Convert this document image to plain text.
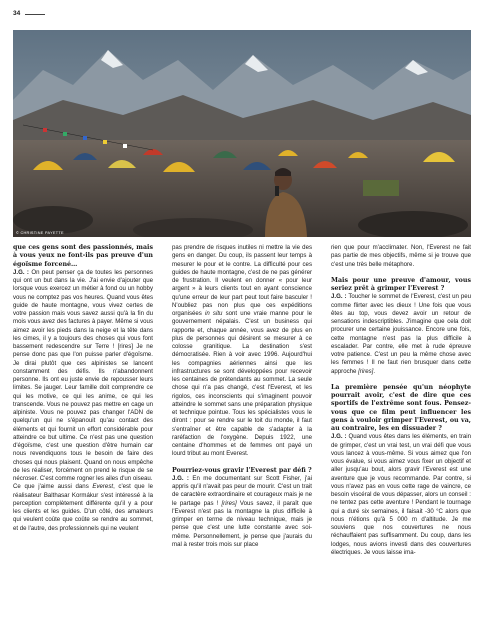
34
© CHRISTINE PAYETTE

que ces gens sont des passionnés, mais à vous yeux ne font-ils pas preuve d'un égoïsme forcené…

J.G. : On peut penser ça de toutes les personnes qui ont un but dans la vie. J'ai envie d'ajouter que lorsque vous exercez un métier à fond ou un hobby vous ne comptez pas vos heures. Quand vous êtes guide de haute montagne, vous vivez certes de votre passion mais vous savez aussi qu'à la fin du mois vous avez des factures à payer. Même si vous aimez avoir les pieds dans la neige et la tête dans les cimes, il y a toujours des choses qui vous font bassement redescendre sur Terre ! [rires] Je ne pense donc pas que l'on puisse parler d'égoïsme. Je dirai plutôt que ces alpinistes se lancent constamment des défis. Ils n'abandonnent personne. Ils ont eu juste envie de repousser leurs limites. Se jauger. Leur famille doit comprendre ce qui les motive, ce qui les anime, ce qui les transcende. Vous ne pouvez pas mettre en cage un alpiniste. Vous ne pouvez pas changer l'ADN de quelqu'un qui ne s'épanouit qu'au contact des éléments et qui fournit un effort considérable pour atteindre ce but ultime. Ce n'est pas une question d'égoïsme, c'est une question d'être humain car nous revendiquons tous le besoin de faire des choses qui nous plaisent. Quand on nous empêche de les réaliser, forcément on prend le risque de se nécroser. C'est comme rogner les ailes d'un oiseau.

Ce que j'aime aussi dans Everest, c'est que le réalisateur Balthasar Kormákur s'est intéressé à la perception complètement différente qu'il y a pour les clients et les guides. D'un côté, des amateurs qui veulent coûte que coûte se rendre au sommet, et de l'autre, des professionnels qui ne veulent

pas prendre de risques inutiles ni mettre la vie des gens en danger. Du coup, ils passent leur temps à mesurer le pour et le contre. La difficulté pour ces guides de haute montagne, c'est de ne pas générer de frustration. Il veulent en donner « pour leur argent » à leurs clients tout en ayant conscience qu'une erreur de leur part peut tout faire basculer ! N'oubliez pas non plus que ces expéditions organisées in situ sont une vraie manne pour le gouvernement népalais. C'est un business qui rapporte et, chaque année, vous avez de plus en plus de personnes qui désirent se mesurer à ce colosse granitique. La destination s'est démocratisée. Rien à voir avec 1996. Aujourd'hui les compagnies aériennes ainsi que les infrastructures se sont développées pour recevoir les centaines de prétendants au sommet. La seule chose qui n'a pas changé, c'est l'Everest, et les rigolos, ces inconscients qui s'imaginent pouvoir atteindre le sommet sans une préparation physique et technique pointue. Tous les spécialistes vous le diront : pour se rendre sur le toit du monde, il faut s'entraîner et être capable de s'adapter à la raréfaction de l'oxygène. Depuis 1922, une centaine d'hommes et de femmes ont payé un lourd tribut au mont Everest.

Pourriez-vous gravir l'Everest par défi ?

J.G. : En me documentant sur Scott Fisher, j'ai appris qu'il n'avait pas peur de mourir. C'est un trait de caractère extraordinaire et courageux mais je ne le partage pas ! [rires] Vous savez, il paraît que l'Everest n'est pas la montagne la plus difficile à grimper en terme de niveau technique, mais je pense que c'est une lutte constante avec soi-même. Personnellement, je pense que j'aurais du mal à rester trois mois sur place

rien que pour m'acclimater. Non, l'Everest ne fait pas partie de mes objectifs, même si je trouve que c'est une très belle métaphore.

Mais pour une preuve d'amour, vous seriez prêt à grimper l'Everest ?

J.G. : Toucher le sommet de l'Everest, c'est un peu comme flirter avec les dieux ! Une fois que vous êtes au top, vous devez avoir un retour de sensations indescriptibles. J'imagine que cela doit procurer une certaine jouissance. Encore une fois, cette montagne n'est pas la plus difficile à escalader. Par contre, elle met à rude épreuve votre patience. C'est un peu la même chose avec les femmes ! Il ne faut rien brusquer dans cette approche [rires].

La première pensée qu'un néophyte pourrait avoir, c'est de dire que ces sportifs de l'extrême sont fous. Pensez-vous que ce film peut influencer les gens à vouloir grimper l'Everest, ou va, au contraire, les en dissuader ?

J.G. : Quand vous êtes dans les éléments, en train de grimper, c'est un vrai test, un vrai défi que vous vous lancez à vous-même. Si vous aimez que l'on vous évalue, si vous aimez vous fixer un objectif et aller jusqu'au bout, alors gravir l'Everest est une aventure que je vous recommande. Par contre, si vous n'avez pas en vous cette rage de vaincre, ce besoin viscéral de vous dépasser, alors un conseil : ne tentez pas cette aventure ! Pendant le tournage qui a duré six semaines, il faisait -30 °C alors que nous n'étions qu'à 5 000 m d'altitude. Je me souviens que nos couvertures ne nous réchauffaient pas suffisamment. Du coup, dans les lodges, nous avions investi dans des couvertures électriques. Je vous laisse ima-
